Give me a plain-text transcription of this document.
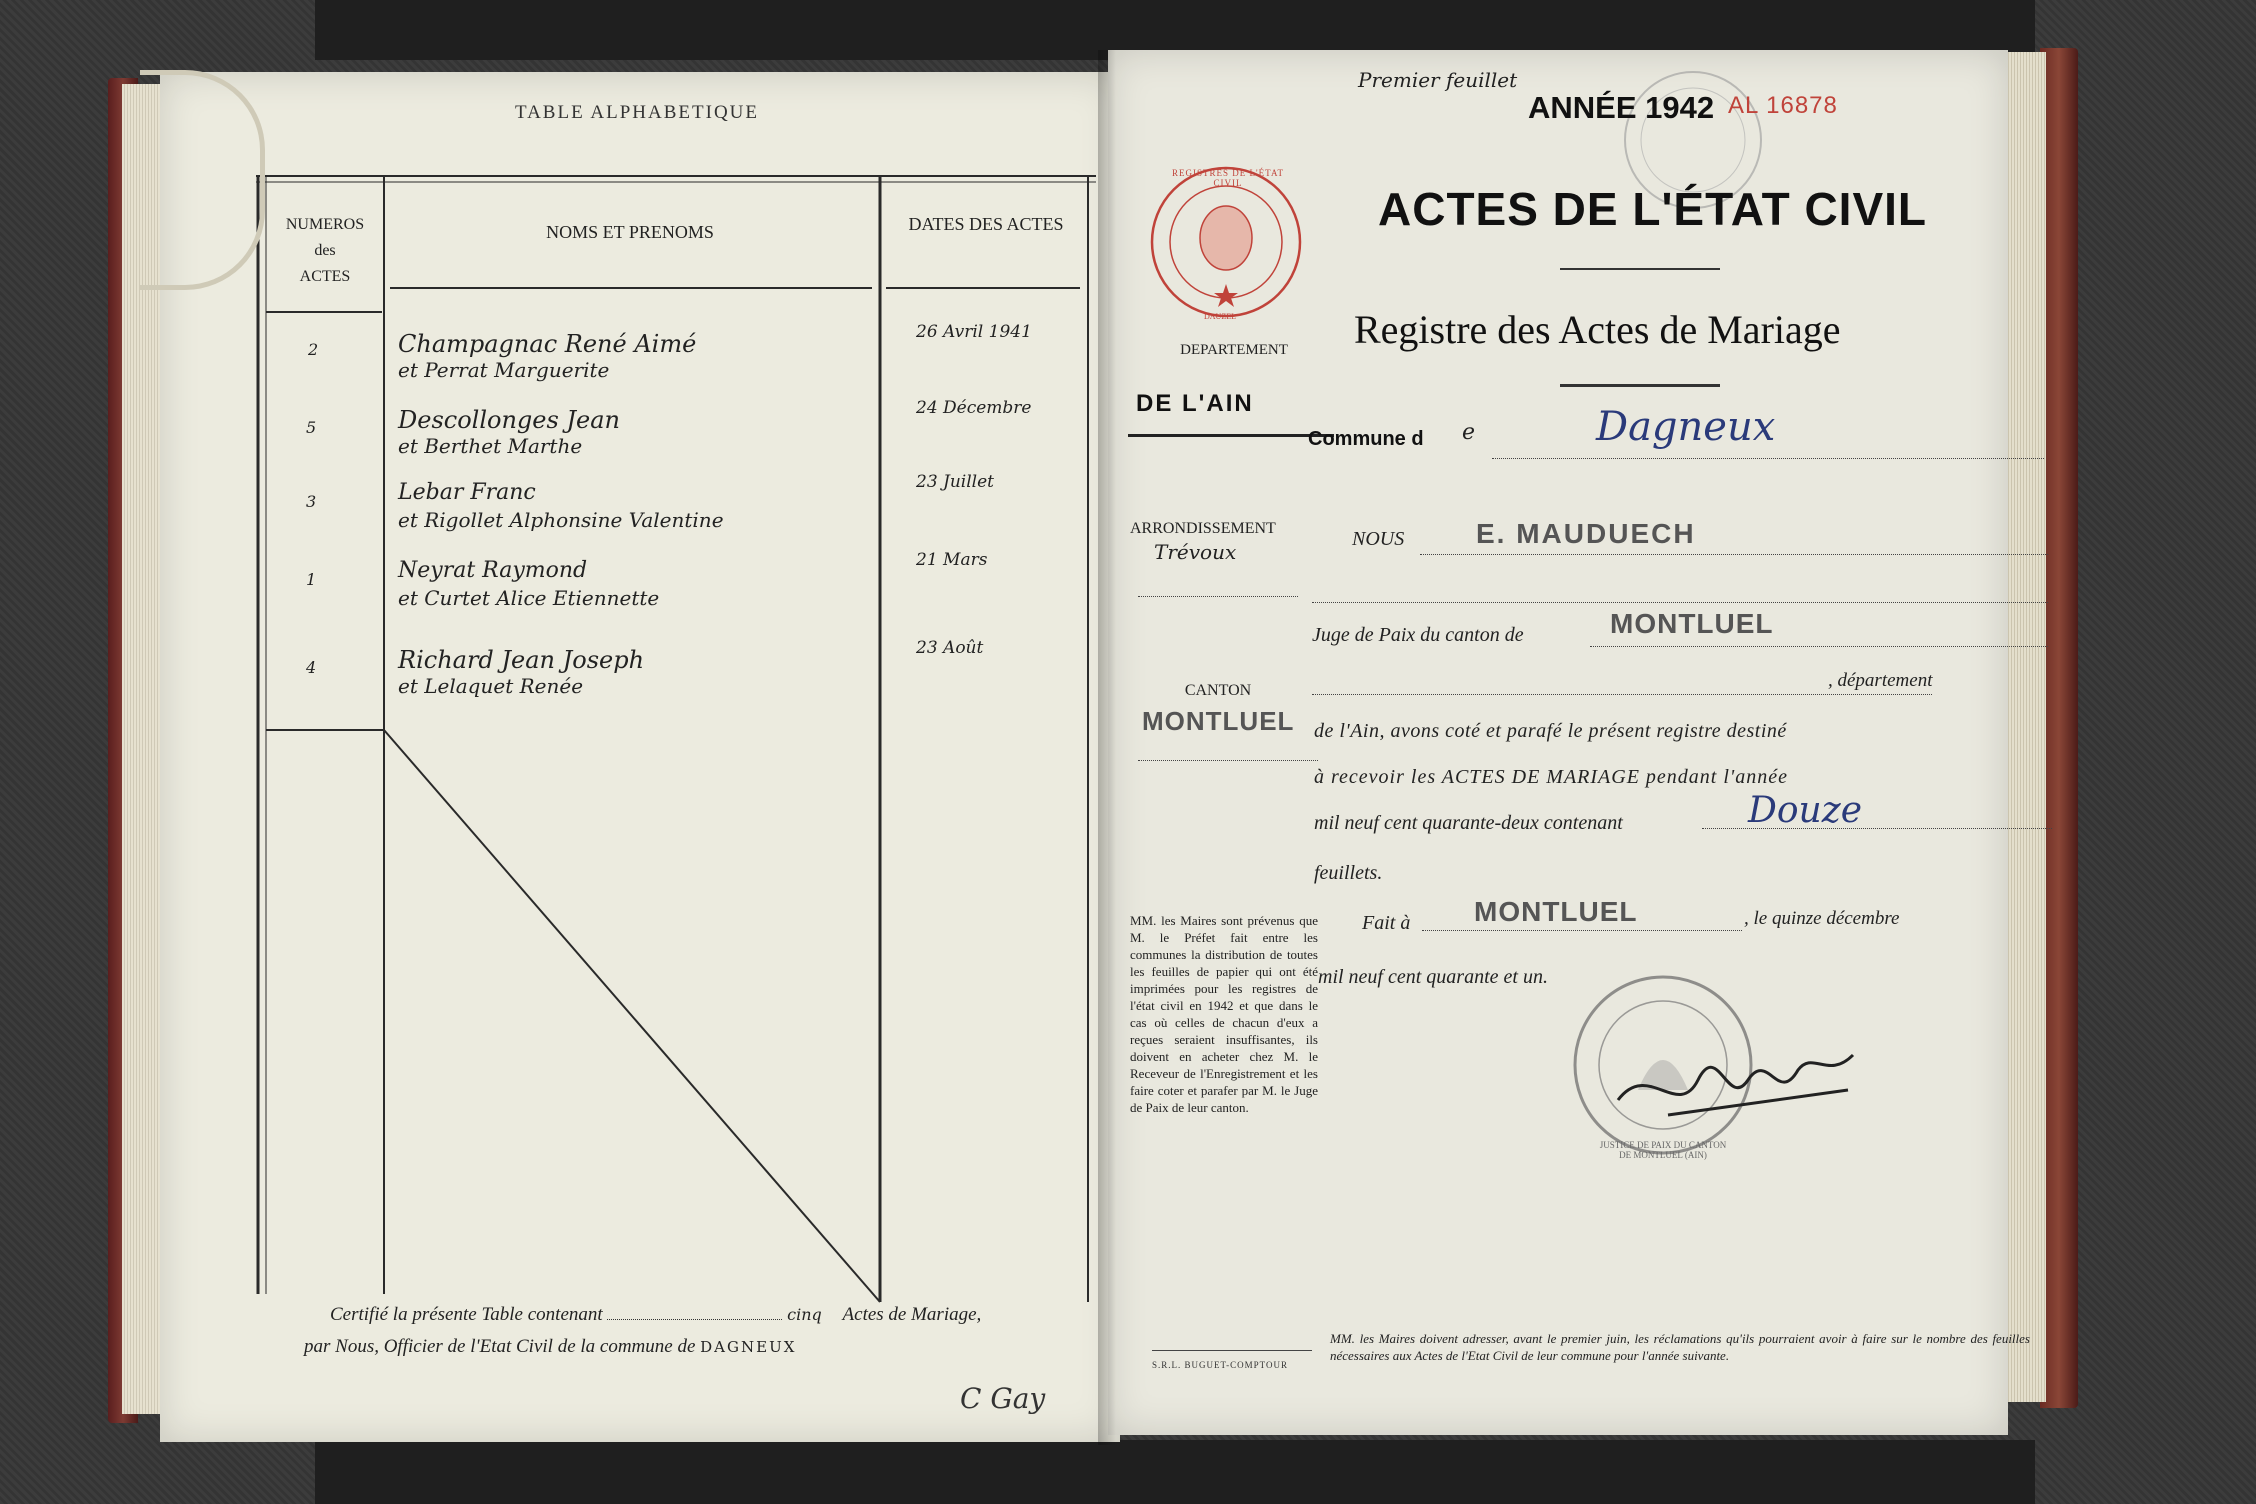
TABLE ALPHABETIQUE
NUMEROS
des
ACTES
NOMS ET PRENOMS	DATES DES ACTES
2	Champagnac René Aimé
et Perrat Marguerite
26 Avril 1941
5	Descollonges Jean
et Berthet Marthe
24 Décembre
3	Lebar Franc
et Rigollet Alphonsine Valentine
23 Juillet
1	Neyrat Raymond
et Curtet Alice Etiennette
21 Mars
4	Richard Jean Joseph
et Lelaquet Renée
23 Août
Certifié la présente Table contenant	cinq Actes de Mariage,
par Nous, Officier de l'Etat Civil de la commune de DAGNEUX
C Gay
Premier feuillet
ANNÉE 1942 AL 16878
ACTES DE L'ÉTAT CIVIL
Registre des Actes de Mariage
REGISTRES DE L'ÉTAT CIVIL
DAUZEL
DEPARTEMENT
DE L'AIN
ARRONDISSEMENT
Trévoux
CANTON
MONTLUEL
MM. les Maires sont prévenus que M. le Préfet fait entre les communes la distribution de toutes les feuilles de papier qui ont été imprimées pour les registres de l'état civil en 1942 et que dans le cas où celles de chacun d'eux a reçues seraient insuffisantes, ils doivent en acheter chez M. le Receveur de l'Enregistrement et les faire coter et parafer par M. le Juge de Paix de leur canton.
S.R.L. BUGUET-COMPTOUR
Commune d e	Dagneux
NOUS	E. MAUDUECH
Juge de Paix du canton de	MONTLUEL
, département
de l'Ain, avons coté et parafé le présent registre destiné
à recevoir les ACTES DE MARIAGE pendant l'année
mil neuf cent quarante-deux contenant	Douze
feuillets.
Fait à MONTLUEL	, le quinze décembre
mil neuf cent quarante et un.
JUSTICE DE PAIX DU CANTON DE MONTLUEL (AIN)
MM. les Maires doivent adresser, avant le premier juin, les réclamations qu'ils pourraient avoir à faire sur le nombre des feuilles nécessaires aux Actes de l'Etat Civil de leur commune pour l'année suivante.
